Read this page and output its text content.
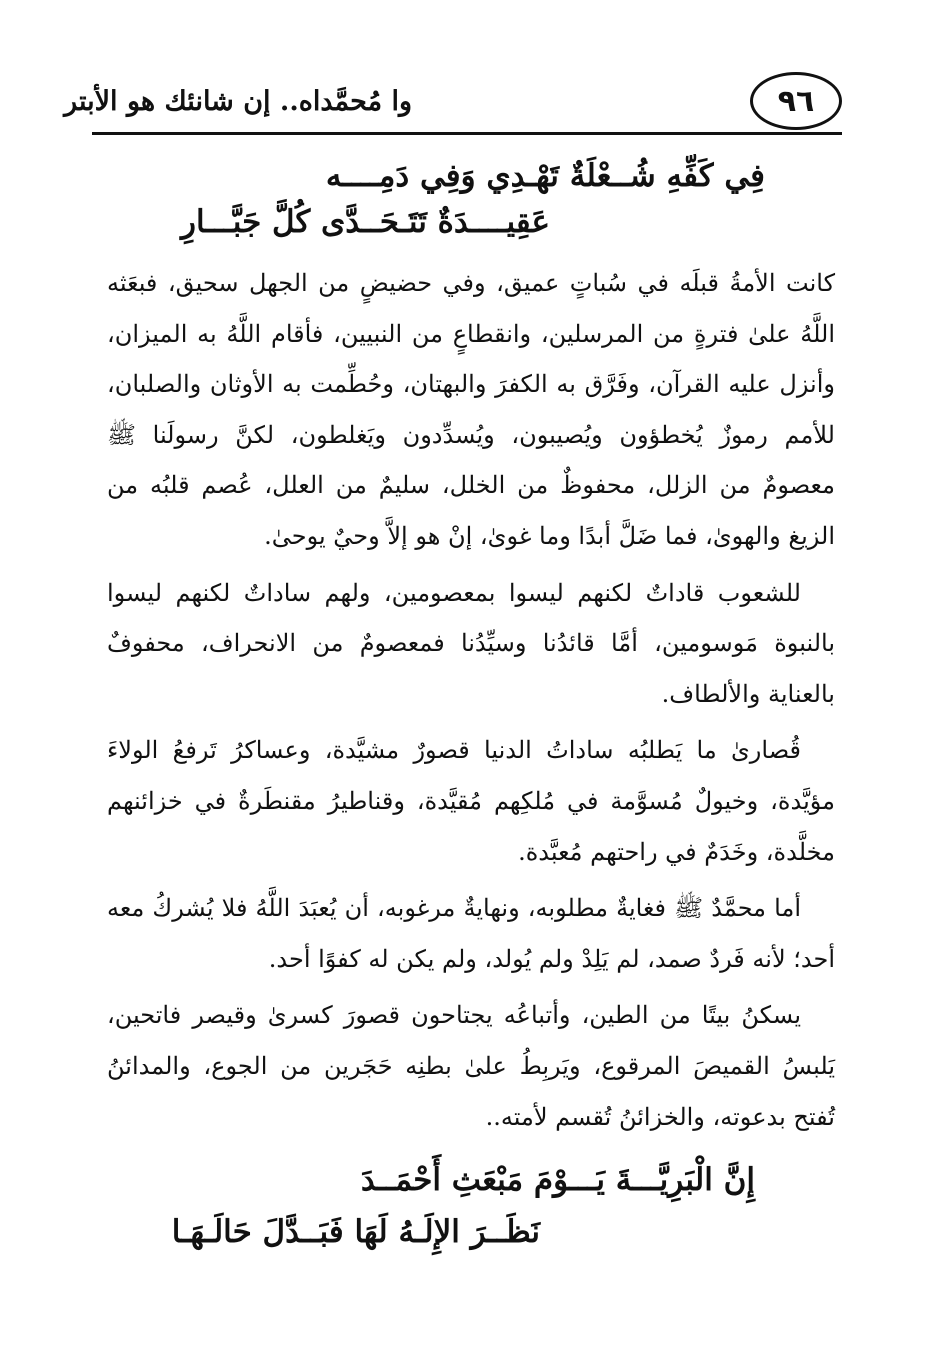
٩٦
وا مُحمَّداه.. إن شانئك هو الأبتر
فِي كَفِّهِ شُــعْلَةٌ تَهْـدِي وَفِي دَمِــــه
عَقِيــــدَةٌ تَتَـحَــدَّى كُلَّ جَبَّـــارِ

كانت الأمةُ قبلَه في سُباتٍ عميق، وفي حضيضٍ من الجهل سحيق، فبعَثه اللَّهُ علىٰ فترةٍ من المرسلين، وانقطاعٍ من النبيين، فأقام اللَّهُ به الميزان، وأنزل عليه القرآن، وفَرَّق به الكفرَ والبهتان، وحُطِّمت به الأوثان والصلبان، للأمم رموزٌ يُخطؤون ويُصيبون، ويُسدِّدون ويَغلطون، لكنَّ رسولَنا ﷺ معصومٌ من الزلل، محفوظٌ من الخلل، سليمٌ من العلل، عُصم قلبُه من الزيغ والهوىٰ، فما ضَلَّ أبدًا وما غوىٰ، إنْ هو إلاَّ وحيٌ يوحىٰ.

للشعوب قاداتٌ لكنهم ليسوا بمعصومين، ولهم ساداتٌ لكنهم ليسوا بالنبوة مَوسومين، أمَّا قائدُنا وسيِّدُنا فمعصومٌ من الانحراف، محفوفٌ بالعناية والألطاف.

قُصارىٰ ما يَطلبُه ساداتُ الدنيا قصورٌ مشيَّدة، وعساكرُ تَرفعُ الولاءَ مؤيَّدة، وخيولٌ مُسوَّمة في مُلكِهم مُقيَّدة، وقناطيرُ مقنطَرةٌ في خزائنهم مخلَّدة، وخَدَمٌ في راحتهم مُعبَّدة.

أما محمَّدٌ ﷺ فغايةٌ مطلوبه، ونهايةٌ مرغوبه، أن يُعبَدَ اللَّهُ فلا يُشركُ معه أحد؛ لأنه فَردٌ صمد، لم يَلِدْ ولم يُولد، ولم يكن له كفوًا أحد.

يسكنُ بيتًا من الطين، وأتباعُه يجتاحون قصورَ كسرىٰ وقيصر فاتحين، يَلبسُ القميصَ المرقوع، ويَربِطُ علىٰ بطنِه حَجَرين من الجوع، والمدائنُ تُفتح بدعوته، والخزائنُ تُقسم لأمته..

إِنَّ الْبَرِيَّـــةَ يَـــوْمَ مَبْعَثِ أَحْمَــدَ
نَظَــرَ الإِلَـهُ لَهَا فَبَــدَّلَ حَالَـهَـا
